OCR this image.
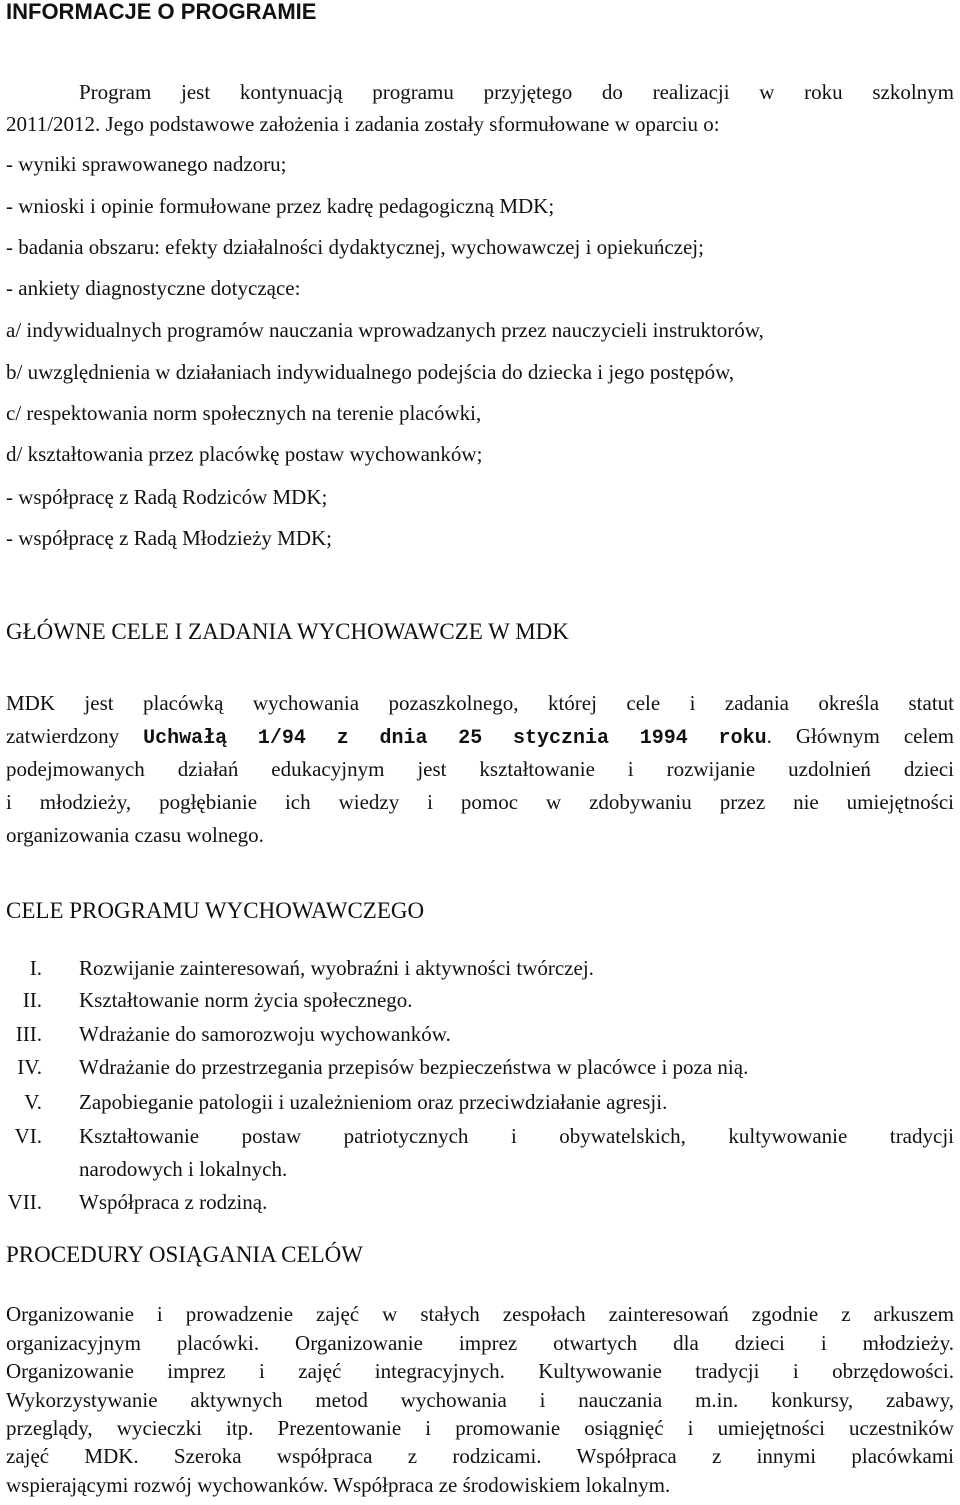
INFORMACJE O PROGRAMIE
Program jest kontynuacją programu przyjętego do realizacji w roku szkolnym
2011/2012. Jego podstawowe założenia i zadania zostały sformułowane w oparciu o:
- wyniki sprawowanego nadzoru;
- wnioski i opinie formułowane przez kadrę pedagogiczną MDK;
- badania obszaru: efekty działalności dydaktycznej, wychowawczej i opiekuńczej;
- ankiety diagnostyczne dotyczące:
a/ indywidualnych programów nauczania wprowadzanych przez nauczycieli instruktorów,
b/ uwzględnienia w działaniach indywidualnego podejścia do dziecka i jego postępów,
c/ respektowania norm społecznych na terenie placówki,
d/ kształtowania przez placówkę postaw wychowanków;
- współpracę z Radą Rodziców MDK;
- współpracę z Radą Młodzieży MDK;
GŁÓWNE CELE I ZADANIA WYCHOWAWCZE W MDK
MDK jest placówką wychowania pozaszkolnego, której cele i zadania określa statut
zatwierdzony Uchwałą 1/94 z dnia 25 stycznia 1994 roku. Głównym celem
podejmowanych działań edukacyjnym jest kształtowanie i rozwijanie uzdolnień dzieci
i młodzieży, pogłębianie ich wiedzy i pomoc w zdobywaniu przez nie umiejętności
organizowania czasu wolnego.
CELE PROGRAMU WYCHOWAWCZEGO
I. Rozwijanie zainteresowań, wyobraźni i aktywności twórczej.
II. Kształtowanie norm życia społecznego.
III. Wdrażanie do samorozwoju wychowanków.
IV. Wdrażanie do przestrzegania przepisów bezpieczeństwa w placówce i poza nią.
V. Zapobieganie patologii i uzależnieniom oraz przeciwdziałanie agresji.
VI. Kształtowanie postaw patriotycznych i obywatelskich, kultywowanie tradycji
narodowych i lokalnych.
VII. Współpraca z rodziną.
PROCEDURY OSIĄGANIA CELÓW
Organizowanie i prowadzenie zajęć w stałych zespołach zainteresowań zgodnie z arkuszem
organizacyjnym placówki. Organizowanie imprez otwartych dla dzieci i młodzieży.
Organizowanie imprez i zajęć integracyjnych. Kultywowanie tradycji i obrzędowości.
Wykorzystywanie aktywnych metod wychowania i nauczania m.in. konkursy, zabawy,
przeglądy, wycieczki itp. Prezentowanie i promowanie osiągnięć i umiejętności uczestników
zajęć MDK. Szeroka współpraca z rodzicami. Współpraca z innymi placówkami
wspierającymi rozwój wychowanków. Współpraca ze środowiskiem lokalnym.
